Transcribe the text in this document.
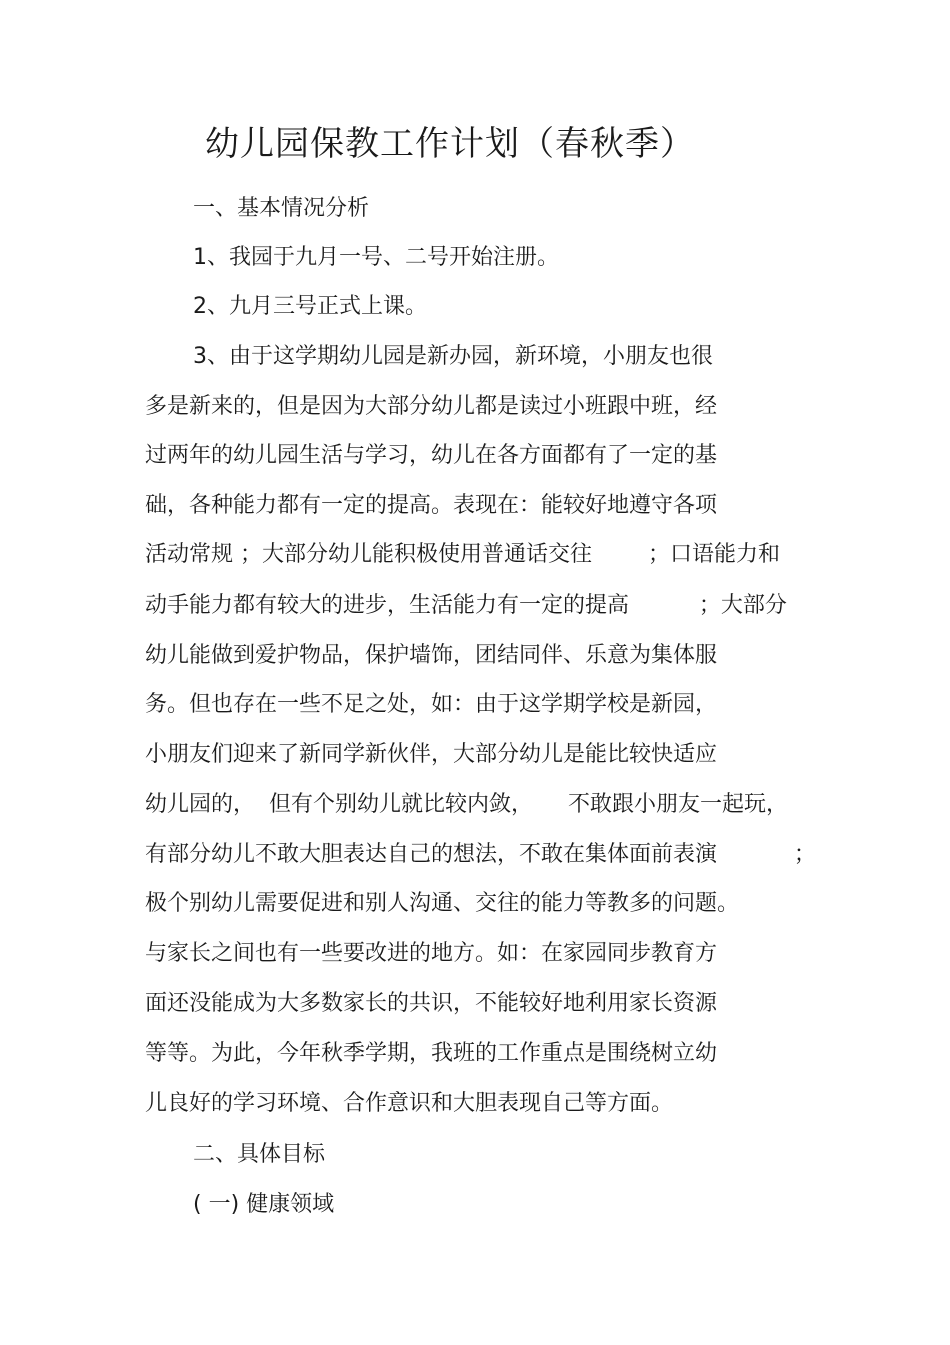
幼儿园保教工作计划（春秋季）
一、基本情况分析
1、我园于九月一号、二号开始注册。
2、九月三号正式上课。
3、由于这学期幼儿园是新办园，新环境，小朋友也很
多是新来的，但是因为大部分幼儿都是读过小班跟中班，经
过两年的幼儿园生活与学习，幼儿在各方面都有了一定的基
础，各种能力都有一定的提高。表现在：能较好地遵守各项
活动常规 ；大部分幼儿能积极使用普通话交往        ；口语能力和
动手能力都有较大的进步，生活能力有一定的提高          ；大部分
幼儿能做到爱护物品，保护墙饰，团结同伴、乐意为集体服
务。但也存在一些不足之处，如：由于这学期学校是新园，
小朋友们迎来了新同学新伙伴，大部分幼儿是能比较快适应
幼儿园的，  但有个别幼儿就比较内敛，     不敢跟小朋友一起玩，
有部分幼儿不敢大胆表达自己的想法，不敢在集体面前表演           ；
极个别幼儿需要促进和别人沟通、交往的能力等教多的问题。
与家长之间也有一些要改进的地方。如：在家园同步教育方
面还没能成为大多数家长的共识，不能较好地利用家长资源
等等。为此，今年秋季学期，我班的工作重点是围绕树立幼
儿良好的学习环境、合作意识和大胆表现自己等方面。
二、具体目标
( 一) 健康领域
